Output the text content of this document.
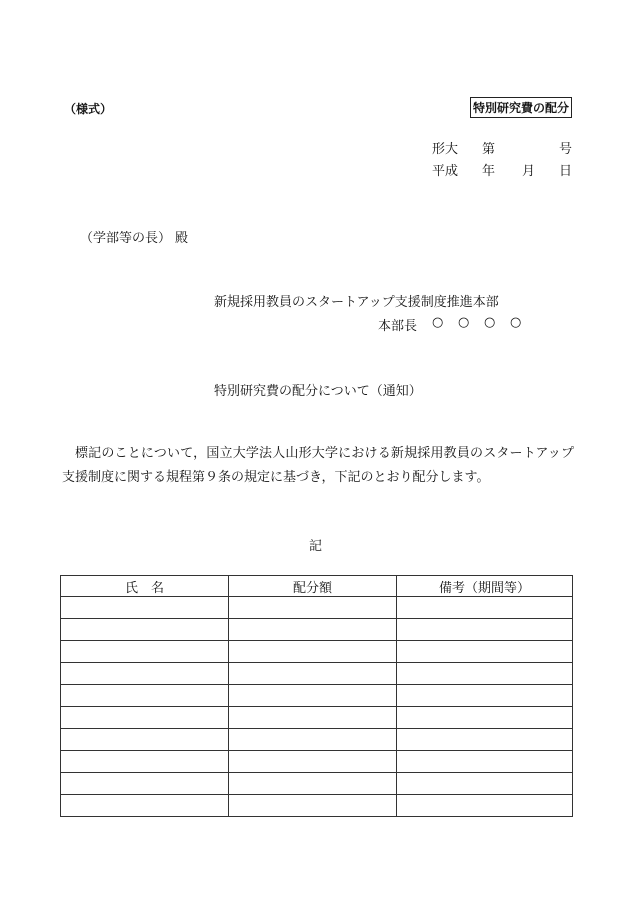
（様式）	特別研究費の配分
形大 第	号
平成 年 月 日
（学部等の長） 殿
新規採用教員のスタートアップ支援制度推進本部
本部長 ○ ○ ○ ○
特別研究費の配分について（通知）
標記のことについて，国立大学法人山形大学における新規採用教員のスタートアップ支援制度に関する規程第９条の規定に基づき，下記のとおり配分します。
記
氏　名	配分額	備考（期間等）
